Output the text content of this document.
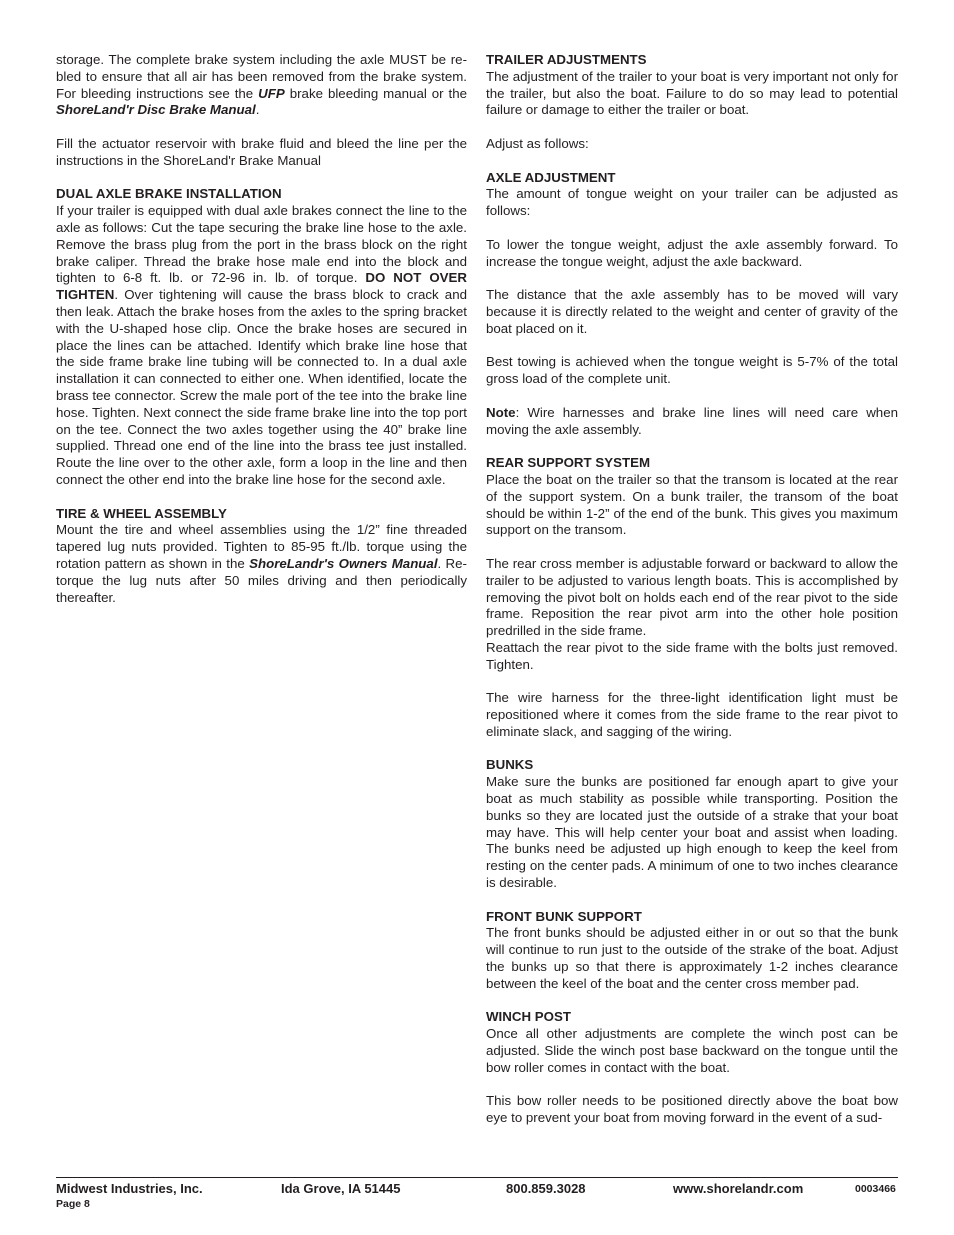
storage. The complete brake system including the axle MUST be re-bled to ensure that all air has been removed from the brake system. For bleeding instructions see the UFP brake bleeding manual or the ShoreLand'r Disc Brake Manual.

Fill the actuator reservoir with brake fluid and bleed the line per the instructions in the ShoreLand'r Brake Manual

DUAL AXLE BRAKE INSTALLATION

If your trailer is equipped with dual axle brakes connect the line to the axle as follows: Cut the tape securing the brake line hose to the axle. Remove the brass plug from the port in the brass block on the right brake caliper. Thread the brake hose male end into the block and tighten to 6-8 ft. lb. or 72-96 in. lb. of torque. DO NOT OVER TIGHTEN. Over tightening will cause the brass block to crack and then leak. Attach the brake hoses from the axles to the spring bracket with the U-shaped hose clip. Once the brake hoses are secured in place the lines can be attached. Identify which brake line hose that the side frame brake line tubing will be connected to. In a dual axle installation it can connected to either one. When identified, locate the brass tee connector. Screw the male port of the tee into the brake line hose. Tighten. Next connect the side frame brake line into the top port on the tee. Connect the two axles together using the 40” brake line supplied. Thread one end of the line into the brass tee just installed. Route the line over to the other axle, form a loop in the line and then connect the other end into the brake line hose for the second axle.

TIRE & WHEEL ASSEMBLY

Mount the tire and wheel assemblies using the 1/2” fine threaded tapered lug nuts provided. Tighten to 85-95 ft./lb. torque using the rotation pattern as shown in the ShoreLandr's Owners Manual. Re-torque the lug nuts after 50 miles driving and then periodically thereafter.

TRAILER ADJUSTMENTS

The adjustment of the trailer to your boat is very important not only for the trailer, but also the boat. Failure to do so may lead to potential failure or damage to either the trailer or boat.

Adjust as follows:

AXLE ADJUSTMENT

The amount of tongue weight on your trailer can be adjusted as follows:

To lower the tongue weight, adjust the axle assembly forward. To increase the tongue weight, adjust the axle backward.

The distance that the axle assembly has to be moved will vary because it is directly related to the weight and center of gravity of the boat placed on it.

Best towing is achieved when the tongue weight is 5-7% of the total gross load of the complete unit.

Note: Wire harnesses and brake line lines will need care when moving the axle assembly.

REAR SUPPORT SYSTEM

Place the boat on the trailer so that the transom is located at the rear of the support system. On a bunk trailer, the transom of the boat should be within 1-2” of the end of the bunk. This gives you maximum support on the transom.

The rear cross member is adjustable forward or backward to allow the trailer to be adjusted to various length boats. This is accomplished by removing the pivot bolt on holds each end of the rear pivot to the side frame. Reposition the rear pivot arm into the other hole position predrilled in the side frame.

Reattach the rear pivot to the side frame with the bolts just removed. Tighten.

The wire harness for the three-light identification light must be repositioned where it comes from the side frame to the rear pivot to eliminate slack, and sagging of the wiring.

BUNKS

Make sure the bunks are positioned far enough apart to give your boat as much stability as possible while transporting. Position the bunks so they are located just the outside of a strake that your boat may have. This will help center your boat and assist when loading. The bunks need be adjusted up high enough to keep the keel from resting on the center pads. A minimum of one to two inches clearance is desirable.

FRONT BUNK SUPPORT

The front bunks should be adjusted either in or out so that the bunk will continue to run just to the outside of the strake of the boat. Adjust the bunks up so that there is approximately 1-2 inches clearance between the keel of the boat and the center cross member pad.

WINCH POST

Once all other adjustments are complete the winch post can be adjusted. Slide the winch post base backward on the tongue until the bow roller comes in contact with the boat.

This bow roller needs to be positioned directly above the boat bow eye to prevent your boat from moving forward in the event of a sud-

Midwest Industries, Inc.	Ida Grove, IA 51445	800.859.3028	www.shorelandr.com	0003466
Page 8
